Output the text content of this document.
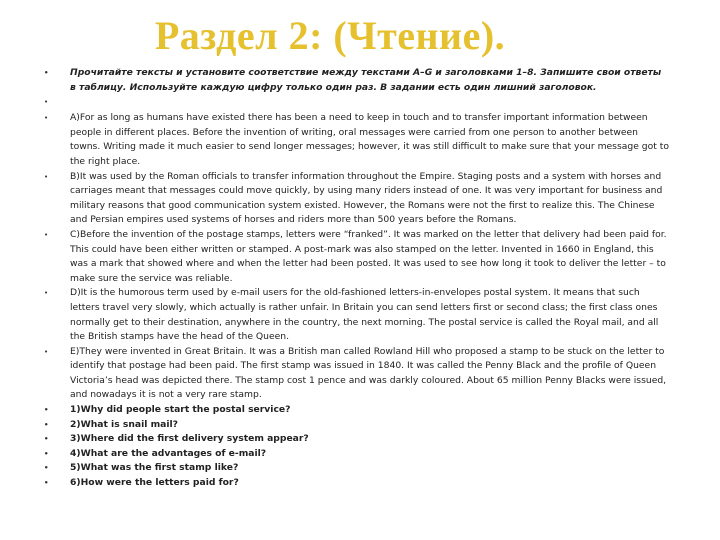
Раздел 2: (Чтение).
• Прочитайте тексты и установите соответствие между текстами A–G и заголовками 1–8. Запишите свои ответы в таблицу. Используйте каждую цифру только один раз. В задании есть один лишний заголовок.
•
• A)For as long as humans have existed there has been a need to keep in touch and to transfer important information between people in different places. Before the invention of writing, oral messages were carried from one person to another between towns. Writing made it much easier to send longer messages; however, it was still difficult to make sure that your message got to the right place.
• B)It was used by the Roman officials to transfer information throughout the Empire. Staging posts and a system with horses and carriages meant that messages could move quickly, by using many riders instead of one. It was very important for business and military reasons that good communication system existed. However, the Romans were not the first to realize this. The Chinese and Persian empires used systems of horses and riders more than 500 years before the Romans.
• C)Before the invention of the postage stamps, letters were “franked”. It was marked on the letter that delivery had been paid for. This could have been either written or stamped. A post-mark was also stamped on the letter. Invented in 1660 in England, this was a mark that showed where and when the letter had been posted. It was used to see how long it took to deliver the letter – to make sure the service was reliable.
• D)It is the humorous term used by e-mail users for the old-fashioned letters-in-envelopes postal system. It means that such letters travel very slowly, which actually is rather unfair. In Britain you can send letters first or second class; the first class ones normally get to their destination, anywhere in the country, the next morning. The postal service is called the Royal mail, and all the British stamps have the head of the Queen.
• E)They were invented in Great Britain. It was a British man called Rowland Hill who proposed a stamp to be stuck on the letter to identify that postage had been paid. The first stamp was issued in 1840. It was called the Penny Black and the profile of Queen Victoria’s head was depicted there. The stamp cost 1 pence and was darkly coloured. About 65 million Penny Blacks were issued, and nowadays it is not a very rare stamp.
• 1)Why did people start the postal service?
• 2)What is snail mail?
• 3)Where did the first delivery system appear?
• 4)What are the advantages of e-mail?
• 5)What was the first stamp like?
• 6)How were the letters paid for?
